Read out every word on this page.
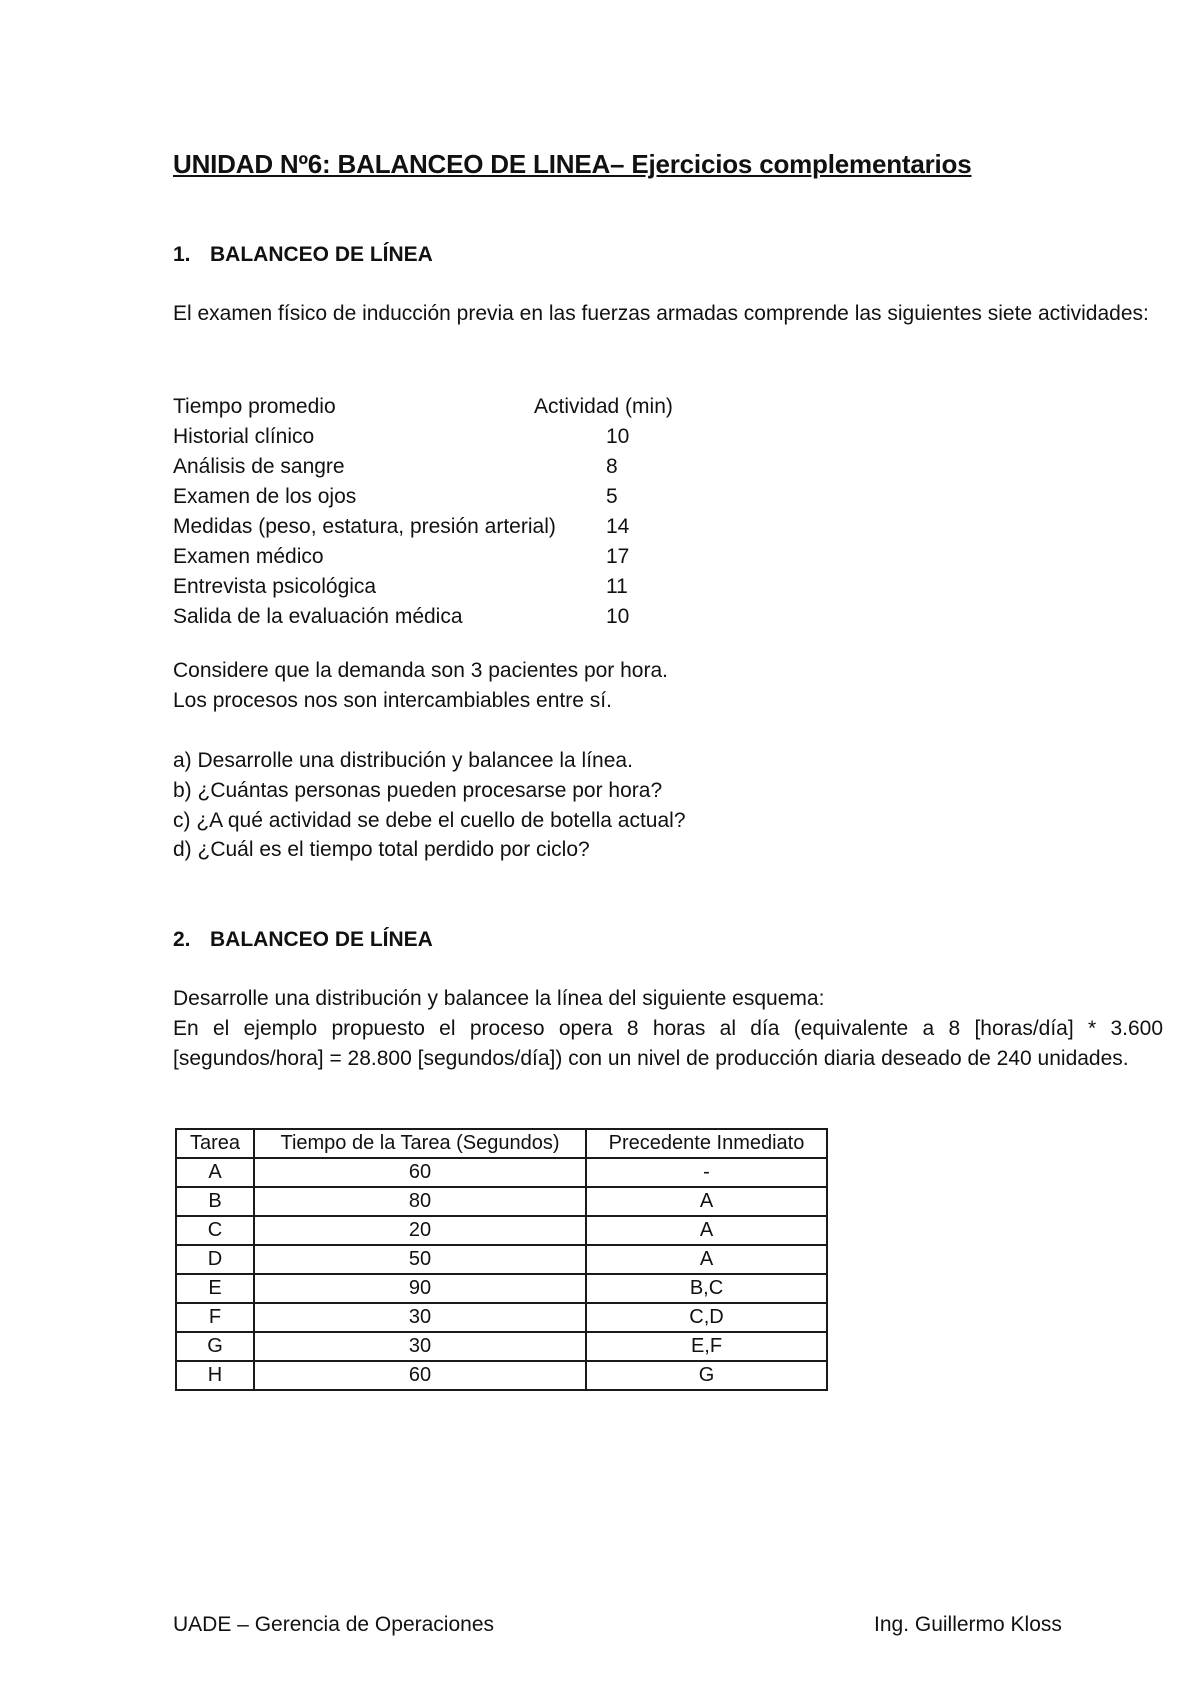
UNIDAD Nº6: BALANCEO DE LINEA– Ejercicios complementarios
1. BALANCEO DE LÍNEA

El examen físico de inducción previa en las fuerzas armadas comprende las siguientes siete actividades:

Tiempo promedio	Actividad (min)
Historial clínico	10
Análisis de sangre	8
Examen de los ojos	5
Medidas (peso, estatura, presión arterial)	14
Examen médico	17
Entrevista psicológica	11
Salida de la evaluación médica	10

Considere que la demanda son 3 pacientes por hora.

Los procesos nos son intercambiables entre sí.

a) Desarrolle una distribución y balancee la línea.

b) ¿Cuántas personas pueden procesarse por hora?

c) ¿A qué actividad se debe el cuello de botella actual?

d) ¿Cuál es el tiempo total perdido por ciclo?

2. BALANCEO DE LÍNEA

Desarrolle una distribución y balancee la línea del siguiente esquema:

En el ejemplo propuesto el proceso opera 8 horas al día (equivalente a 8 [horas/día] * 3.600 [segundos/hora] = 28.800 [segundos/día]) con un nivel de producción diaria deseado de 240 unidades.

Tarea	Tiempo de la Tarea (Segundos)	Precedente Inmediato
A	60	-
B	80	A
C	20	A
D	50	A
E	90	B,C
F	30	C,D
G	30	E,F
H	60	G

UADE – Gerencia de Operaciones	Ing. Guillermo Kloss
